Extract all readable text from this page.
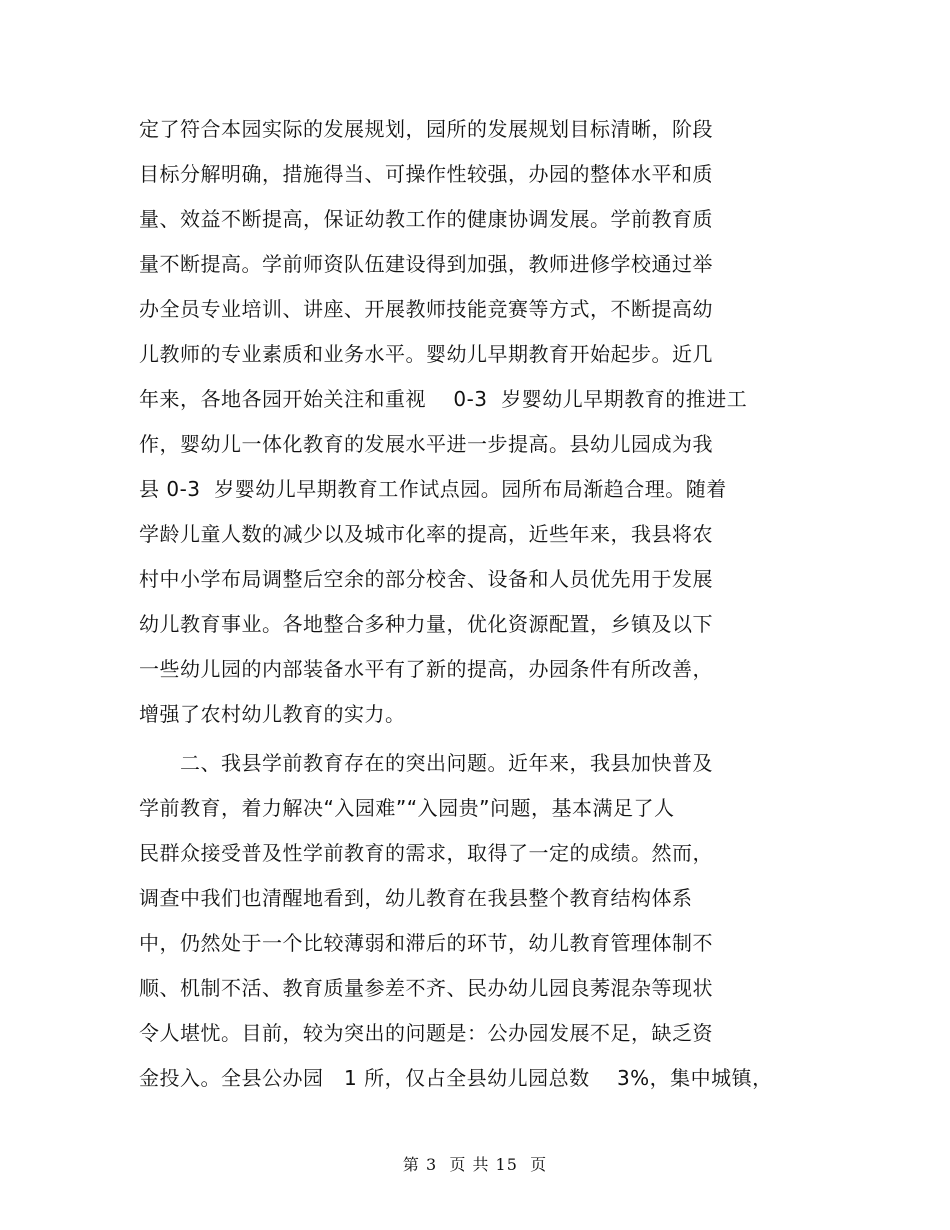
定了符合本园实际的发展规划，园所的发展规划目标清晰，阶段
目标分解明确，措施得当、可操作性较强，办园的整体水平和质
量、效益不断提高，保证幼教工作的健康协调发展。学前教育质
量不断提高。学前师资队伍建设得到加强，教师进修学校通过举
办全员专业培训、讲座、开展教师技能竞赛等方式，不断提高幼
儿教师的专业素质和业务水平。婴幼儿早期教育开始起步。近几
年来，各地各园开始关注和重视　 0-3  岁婴幼儿早期教育的推进工
作，婴幼儿一体化教育的发展水平进一步提高。县幼儿园成为我
县 0-3  岁婴幼儿早期教育工作试点园。园所布局渐趋合理。随着
学龄儿童人数的减少以及城市化率的提高，近些年来，我县将农
村中小学布局调整后空余的部分校舍、设备和人员优先用于发展
幼儿教育事业。各地整合多种力量，优化资源配置，乡镇及以下
一些幼儿园的内部装备水平有了新的提高，办园条件有所改善，
增强了农村幼儿教育的实力。
　　二、我县学前教育存在的突出问题。近年来，我县加快普及
学前教育，着力解决“入园难”“入园贵”问题，基本满足了人
民群众接受普及性学前教育的需求，取得了一定的成绩。然而，
调查中我们也清醒地看到，幼儿教育在我县整个教育结构体系
中，仍然处于一个比较薄弱和滞后的环节，幼儿教育管理体制不
顺、机制不活、教育质量参差不齐、民办幼儿园良莠混杂等现状
令人堪忧。目前，较为突出的问题是：公办园发展不足，缺乏资
金投入。全县公办园　1 所，仅占全县幼儿园总数　 3%，集中城镇，
第 3  页 共 15  页
